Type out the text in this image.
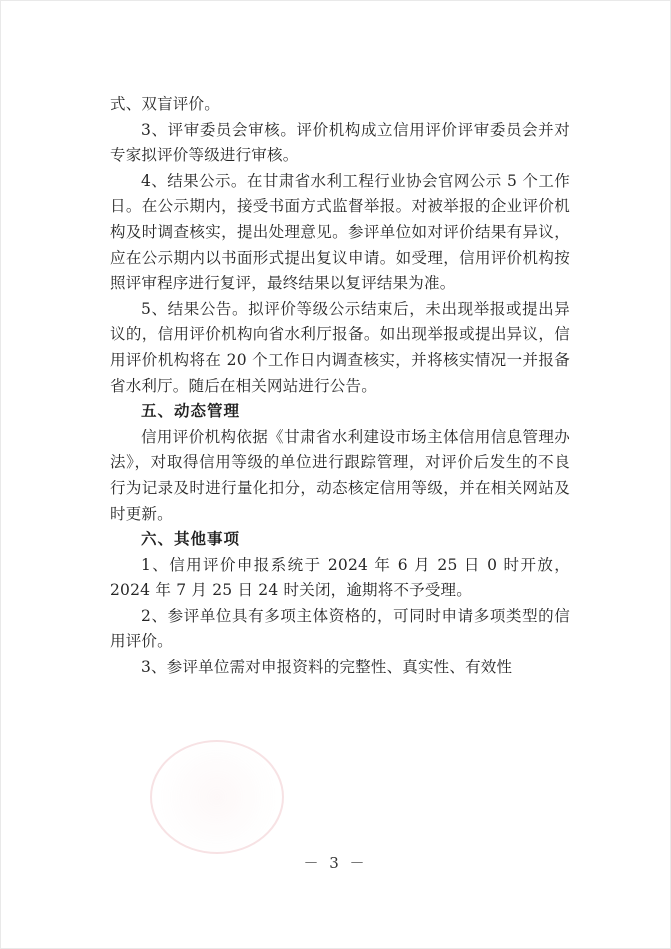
式、双盲评价。

3、评审委员会审核。评价机构成立信用评价评审委员会并对专家拟评价等级进行审核。

4、结果公示。在甘肃省水利工程行业协会官网公示 5 个工作日。在公示期内，接受书面方式监督举报。对被举报的企业评价机构及时调查核实，提出处理意见。参评单位如对评价结果有异议，应在公示期内以书面形式提出复议申请。如受理，信用评价机构按照评审程序进行复评，最终结果以复评结果为准。

5、结果公告。拟评价等级公示结束后，未出现举报或提出异议的，信用评价机构向省水利厅报备。如出现举报或提出异议，信用评价机构将在 20 个工作日内调查核实，并将核实情况一并报备省水利厅。随后在相关网站进行公告。

五、动态管理

信用评价机构依据《甘肃省水利建设市场主体信用信息管理办法》，对取得信用等级的单位进行跟踪管理，对评价后发生的不良行为记录及时进行量化扣分，动态核定信用等级，并在相关网站及时更新。

六、其他事项

1、信用评价申报系统于 2024 年 6 月 25 日 0 时开放，2024 年 7 月 25 日 24 时关闭，逾期将不予受理。

2、参评单位具有多项主体资格的，可同时申请多项类型的信用评价。

3、参评单位需对申报资料的完整性、真实性、有效性

－ 3 －
